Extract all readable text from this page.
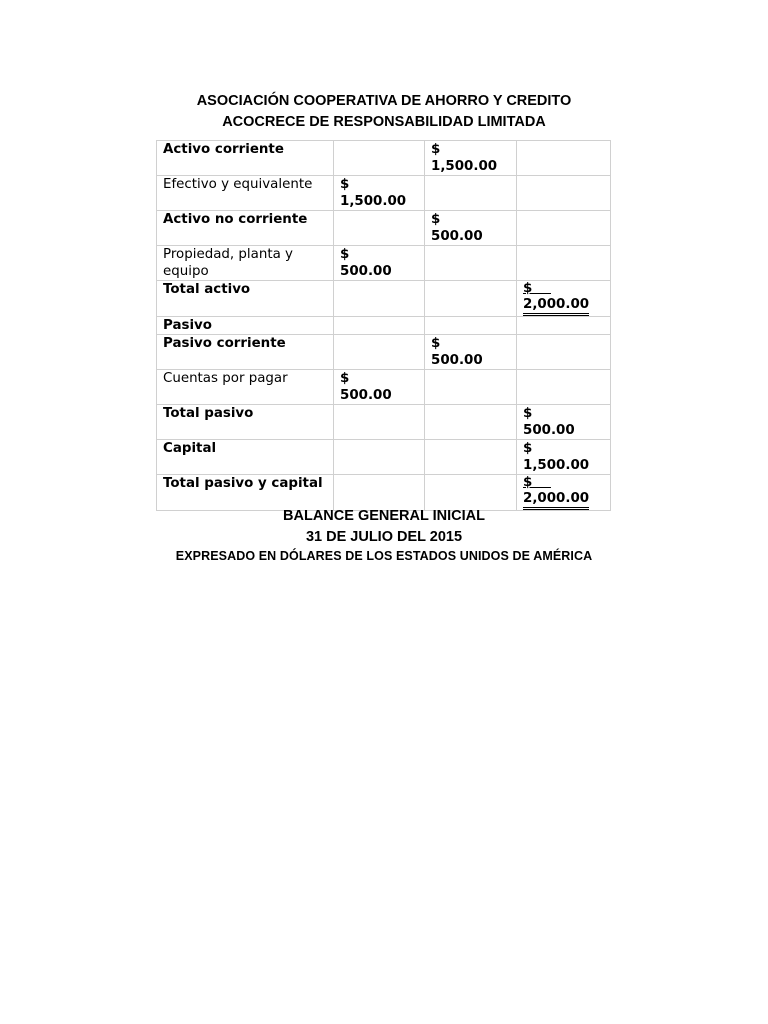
ASOCIACIÓN COOPERATIVA DE AHORRO Y CREDITO
ACOCRECE DE RESPONSABILIDAD LIMITADA
Activo corriente		$
1,500.00	

Efectivo y equivalente	$
1,500.00		

Activo no corriente		$
500.00	

Propiedad, planta y equipo	$
500.00		

Total activo			$
2,000.00

Pasivo			
Pasivo corriente		$
500.00	

Cuentas por pagar	$
500.00		

Total pasivo			$
500.00

Capital			$
1,500.00

Total pasivo y capital			$
2,000.00
BALANCE GENERAL INICIAL
31 DE JULIO DEL 2015
EXPRESADO EN DÓLARES DE LOS ESTADOS UNIDOS DE AMÉRICA
